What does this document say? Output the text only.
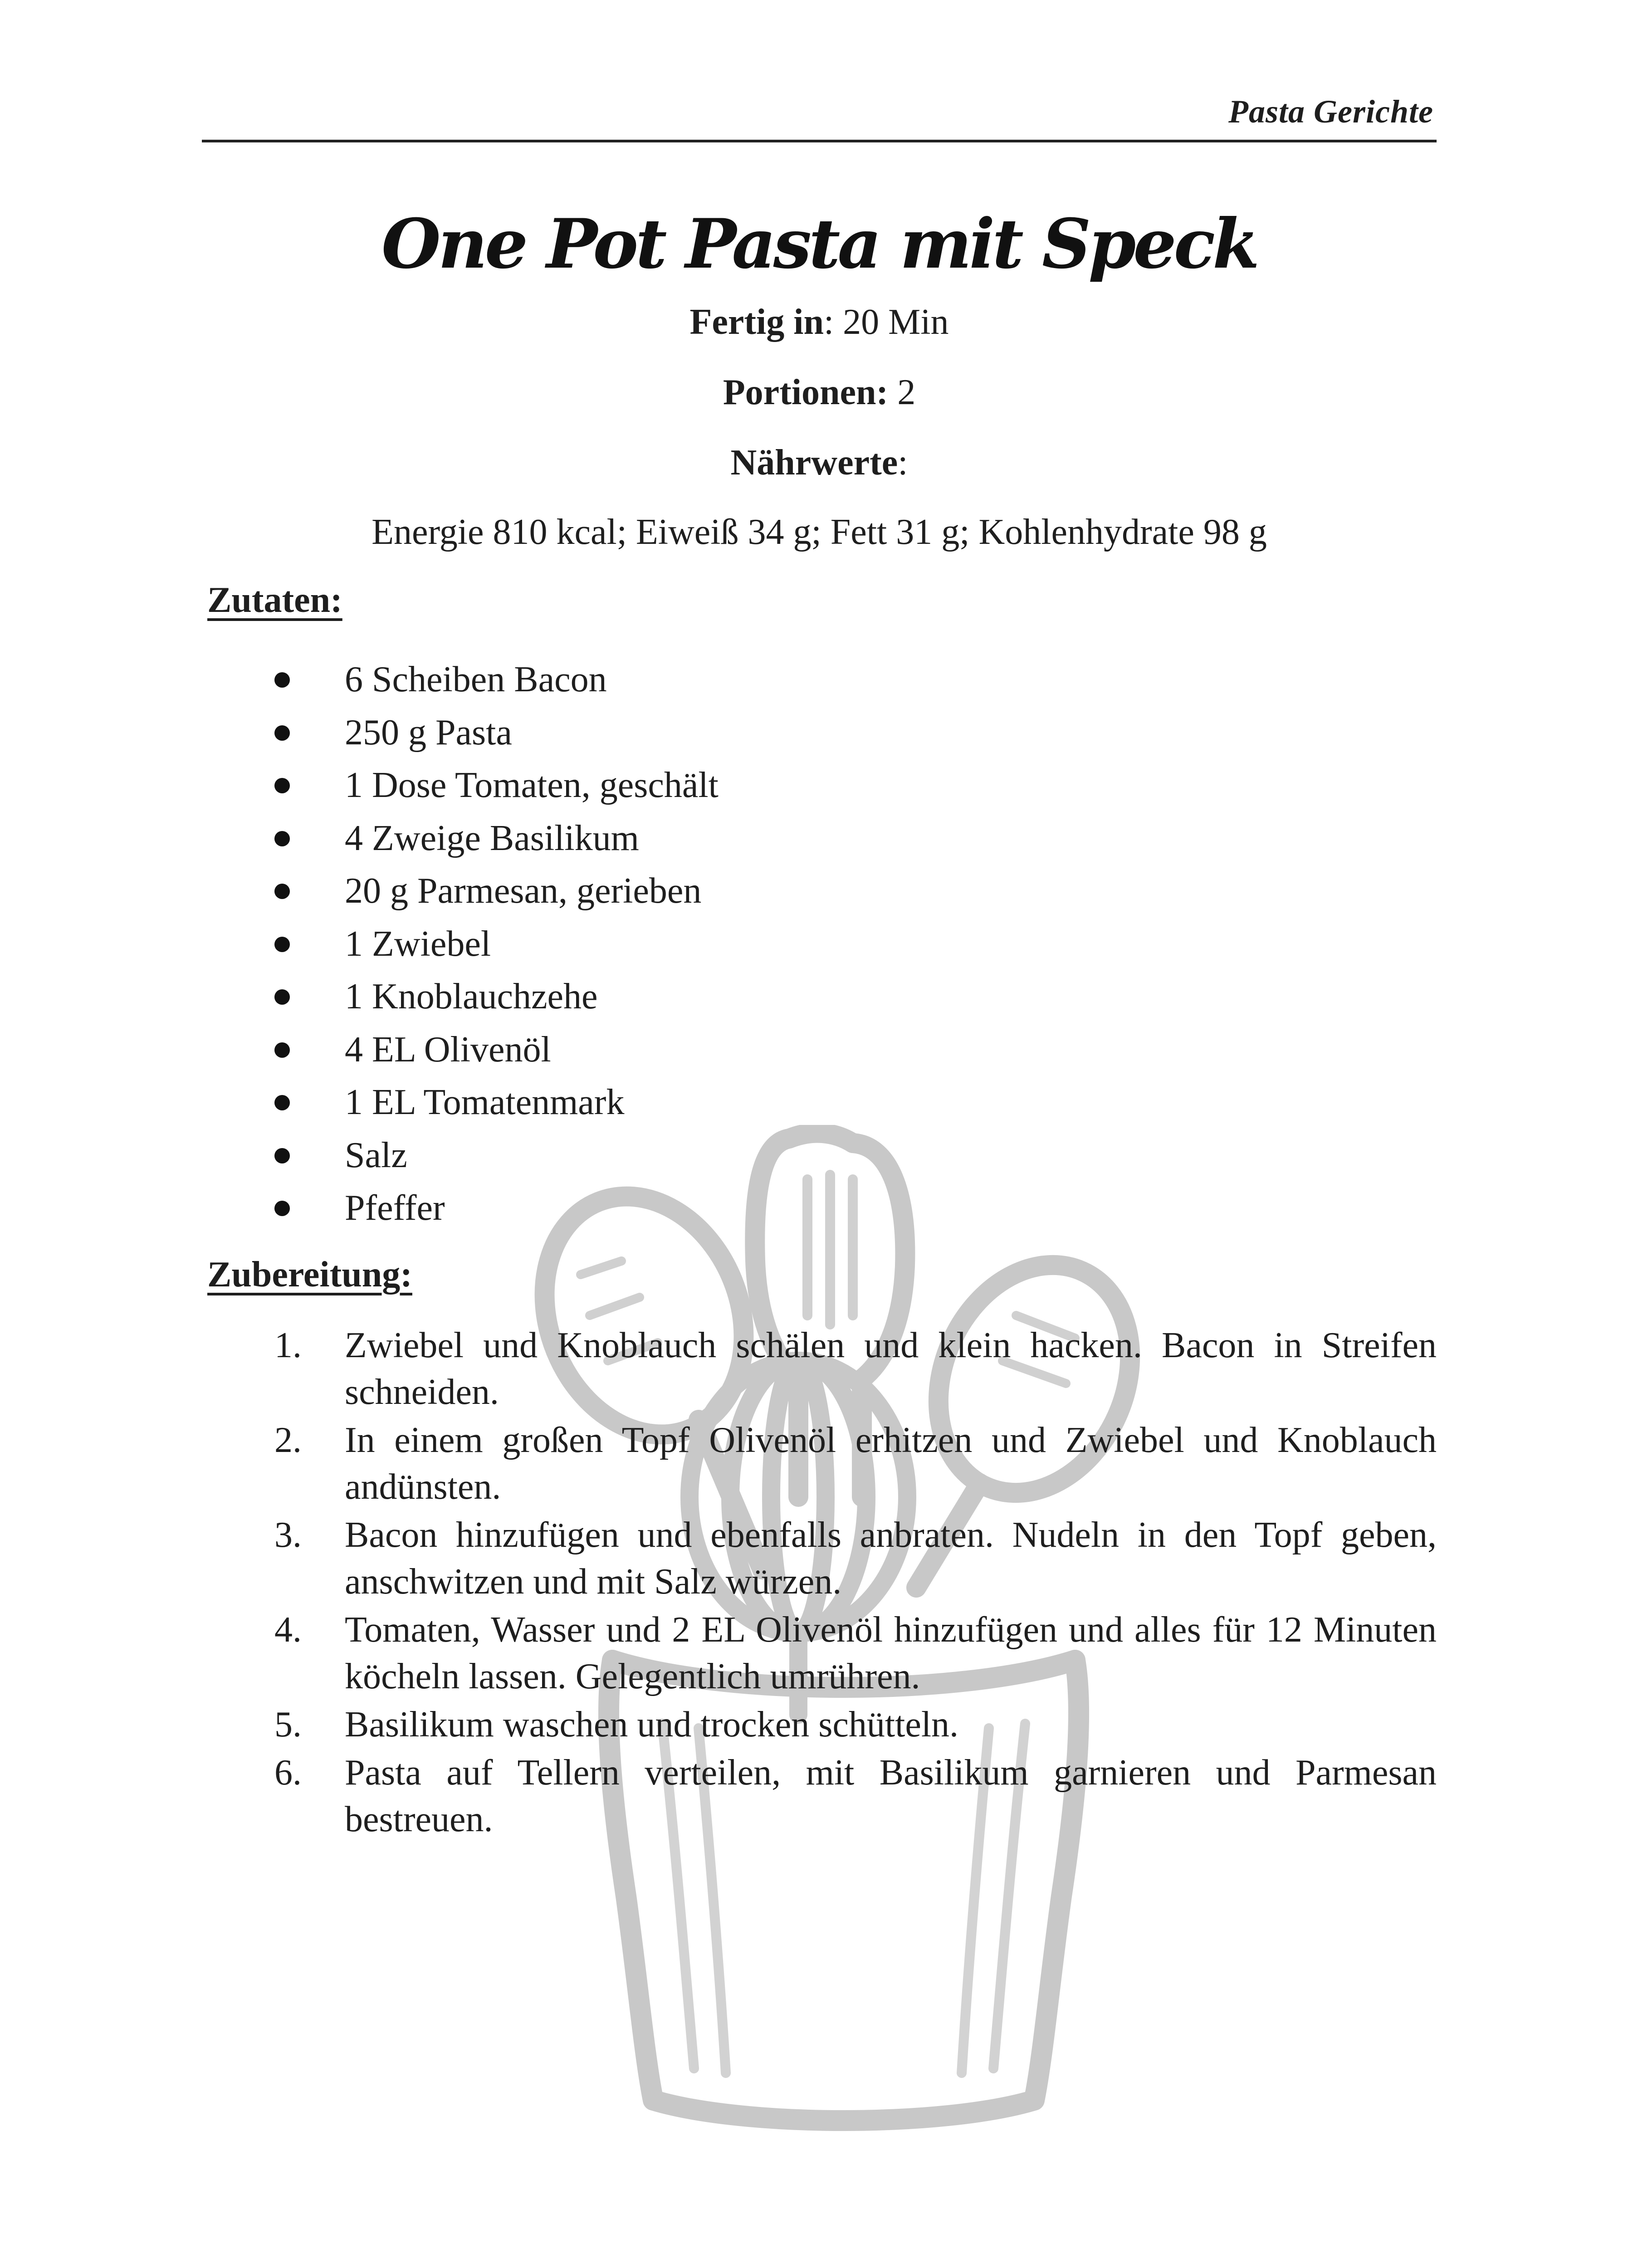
Pasta Gerichte
One Pot Pasta mit Speck
Fertig in: 20 Min
Portionen: 2
Nährwerte:
Energie 810 kcal; Eiweiß 34 g; Fett 31 g; Kohlenhydrate 98 g
Zutaten:
6 Scheiben Bacon
250 g Pasta
1 Dose Tomaten, geschält
4 Zweige Basilikum
20 g Parmesan, gerieben
1 Zwiebel
1 Knoblauchzehe
4 EL Olivenöl
1 EL Tomatenmark
Salz
Pfeffer
Zubereitung:
1. Zwiebel und Knoblauch schälen und klein hacken. Bacon in Streifen schneiden.
2. In einem großen Topf Olivenöl erhitzen und Zwiebel und Knoblauch andünsten.
3. Bacon hinzufügen und ebenfalls anbraten. Nudeln in den Topf geben, anschwitzen und mit Salz würzen.
4. Tomaten, Wasser und 2 EL Olivenöl hinzufügen und alles für 12 Minuten köcheln lassen. Gelegentlich umrühren.
5. Basilikum waschen und trocken schütteln.
6. Pasta auf Tellern verteilen, mit Basilikum garnieren und Parmesan bestreuen.
